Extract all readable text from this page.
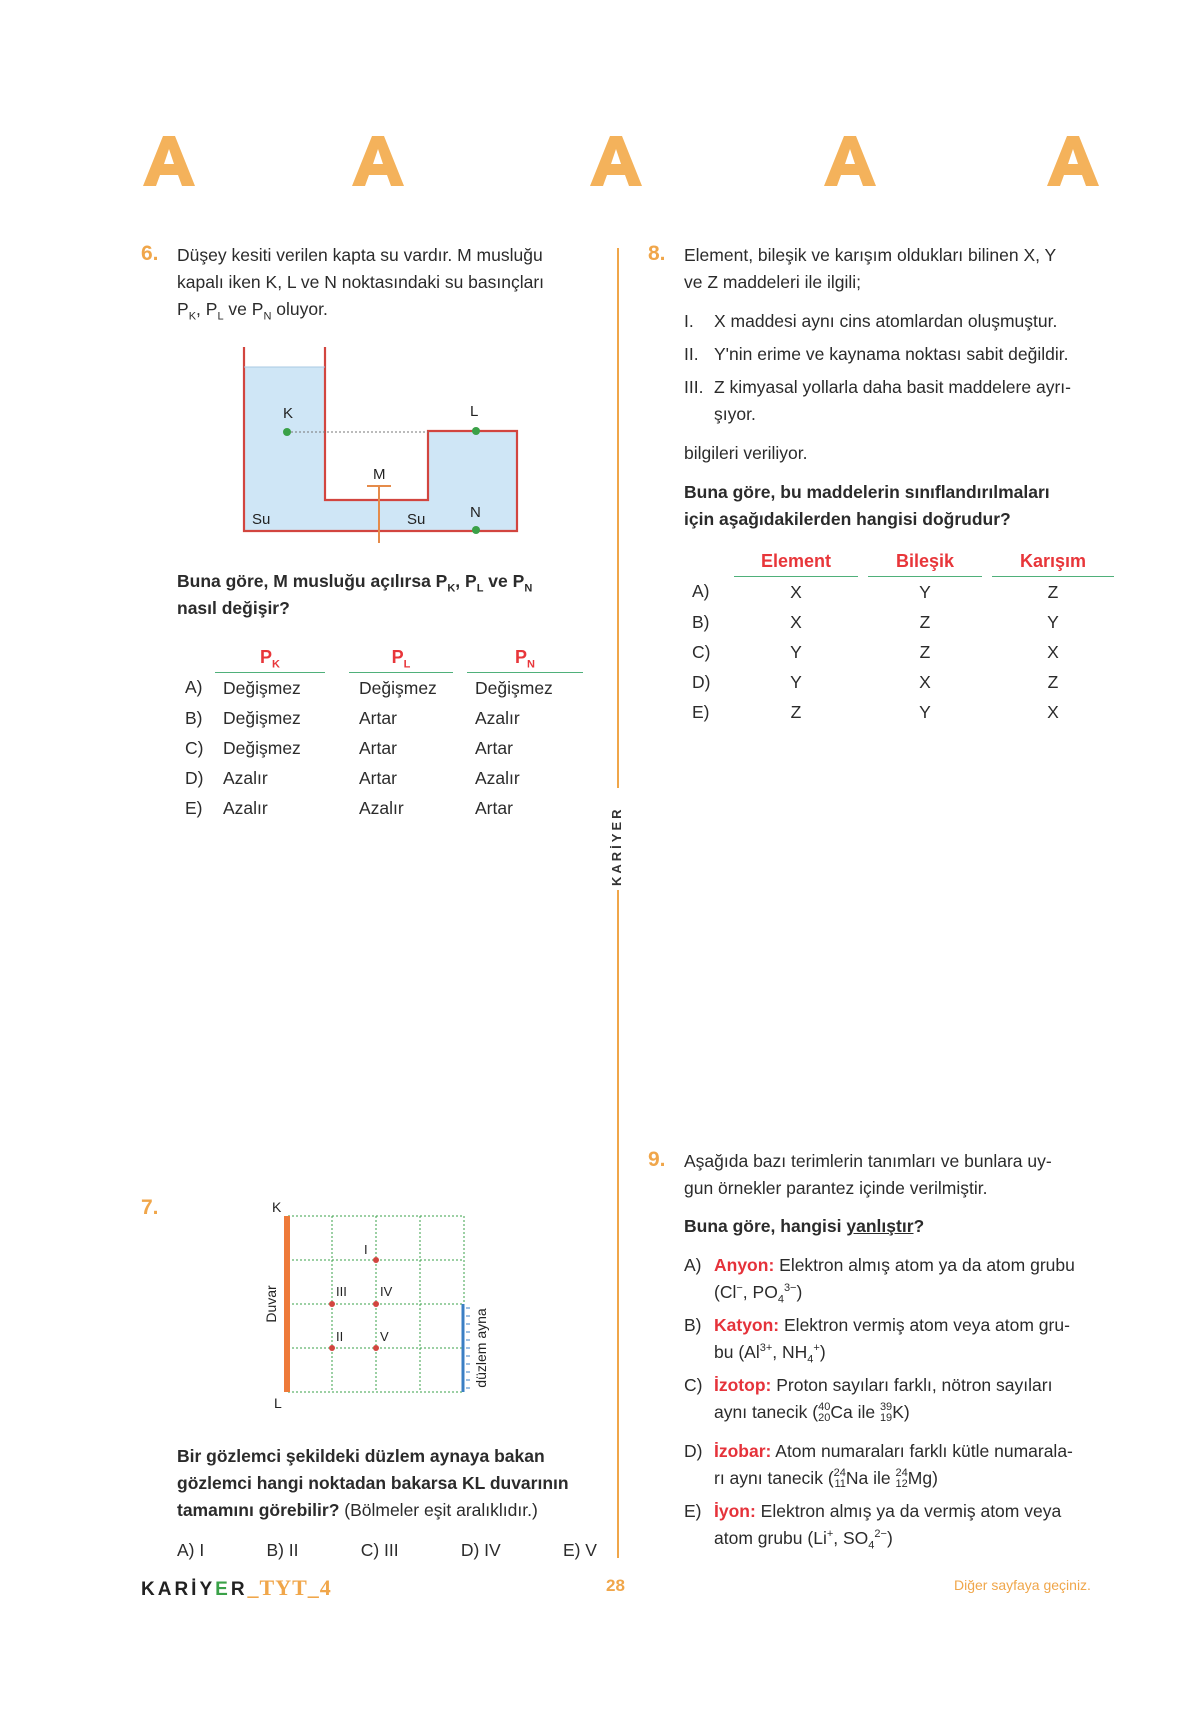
KARİYER
6. Düşey kesiti verilen kapta su vardır. M musluğu
kapalı iken K, L ve N noktasındaki su basınçları
$P_K$, $P_L$ ve $P_N$ oluyor.
K	L
M
N
Su	Su
Buna göre, M musluğu açılırsa $P_K$, $P_L$ ve $P_N$
nasıl değişir?
	$P_K$		$P_L$		$P_N$
A)	Değişmez		Değişmez		Değişmez
B)	Değişmez		Artar		Azalır
C)	Değişmez		Artar		Artar
D)	Azalır		Artar		Azalır
E)	Azalır		Azalır		Artar
7.	K
L
I
III	IV
II	V
Duvar
düzlem ayna
Bir gözlemci şekildeki düzlem aynaya bakan
gözlemci hangi noktadan bakarsa KL duvarının
tamamını görebilir? (Bölmeler eşit aralıklıdır.)
A) I	B) II	C) III	D) IV	E) V
8. Element, bileşik ve karışım oldukları bilinen X, Y
ve Z maddeleri ile ilgili;
I.	X maddesi aynı cins atomlardan oluşmuştur.
II. Y'nin erime ve kaynama noktası sabit değildir.
III. Z kimyasal yollarla daha basit maddelere ayrı-
şıyor.
bilgileri veriliyor.
Buna göre, bu maddelerin sınıflandırılmaları
için aşağıdakilerden hangisi doğrudur?
		Element		Bileşik		Karışım
A)		X		Y		Z
B)		X		Z		Y
C)		Y		Z		X
D)		Y		X		Z
E)		Z		Y		X
9. Aşağıda bazı terimlerin tanımları ve bunlara uy-
gun örnekler parantez içinde verilmiştir.
Buna göre, hangisi yanlıştır?
A) Anyon: Elektron almış atom ya da atom grubu
(Cl−, $PO_4^{3-}$)
B) Katyon: Elektron vermiş atom veya atom gru-
bu ($Al^{3+}$, $NH_4^+$)
C) İzotop: Proton sayıları farklı, nötron sayıları
aynı tanecik ( 40
20 Ca ile 39
19 K)
D) İzobar: Atom numaraları farklı kütle numarala-
rı aynı tanecik ( 24
11 Na ile 24
12 Mg)
E) İyon: Elektron almış ya da vermiş atom veya
atom grubu (Li+, $SO_4^{2-}$)
KARİYER_TYT_4	28	Diğer sayfaya geçiniz.
